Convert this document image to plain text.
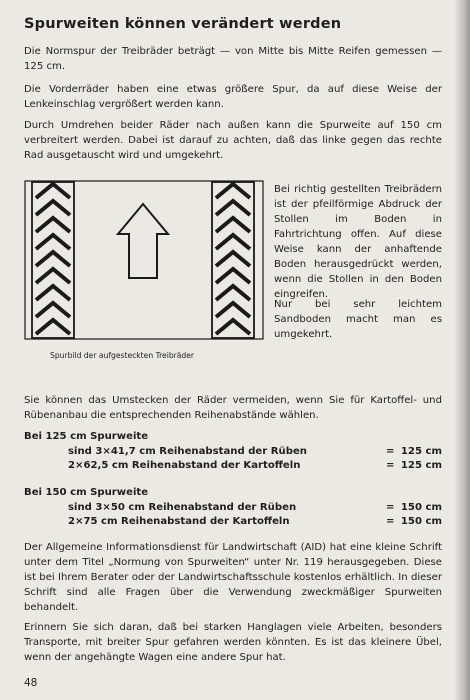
Spurweiten können verändert werden

Die Normspur der Treibräder beträgt — von Mitte bis Mitte Reifen gemessen — 125 cm.

Die Vorderräder haben eine etwas größere Spur, da auf diese Weise der Lenkeinschlag vergrößert werden kann.

Durch Umdrehen beider Räder nach außen kann die Spurweite auf 150 cm verbreitert werden. Dabei ist darauf zu achten, daß das linke gegen das rechte Rad ausgetauscht wird und umgekehrt.

Spurbild der aufgesteckten Treibräder

Bei richtig gestellten Treibrädern ist der pfeilförmige Abdruck der Stollen im Boden in Fahrtrichtung offen. Auf diese Weise kann der anhaftende Boden herausgedrückt werden, wenn die Stollen in den Boden eingreifen.

Nur bei sehr leichtem Sandboden macht man es umgekehrt.

Sie können das Umstecken der Räder vermeiden, wenn Sie für Kartoffel- und Rübenanbau die entsprechenden Reihenabstände wählen.

Bei 125 cm Spurweite

sind 3×41,7 cm Reihenabstand der Rüben	= 125 cm
2×62,5 cm Reihenabstand der Kartoffeln	= 125 cm

Bei 150 cm Spurweite

sind 3×50 cm Reihenabstand der Rüben	= 150 cm
2×75 cm Reihenabstand der Kartoffeln	= 150 cm

Der Allgemeine Informationsdienst für Landwirtschaft (AID) hat eine kleine Schrift unter dem Titel „Normung von Spurweiten“ unter Nr. 119 herausgegeben. Diese ist bei Ihrem Berater oder der Landwirtschaftsschule kostenlos erhältlich. In dieser Schrift sind alle Fragen über die Verwendung zweckmäßiger Spurweiten behandelt.

Erinnern Sie sich daran, daß bei starken Hanglagen viele Arbeiten, besonders Transporte, mit breiter Spur gefahren werden könnten. Es ist das kleinere Übel, wenn der angehängte Wagen eine andere Spur hat.

48
